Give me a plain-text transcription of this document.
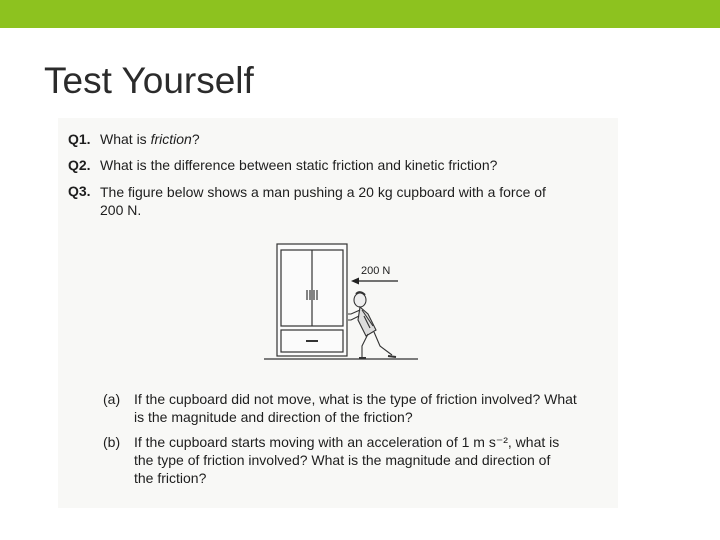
Test Yourself
Q1. What is friction?
Q2. What is the difference between static friction and kinetic friction?
Q3. The figure below shows a man pushing a 20 kg cupboard with a force of
200 N.
200 N
(a) If the cupboard did not move, what is the type of friction involved? What
is the magnitude and direction of the friction?
(b) If the cupboard starts moving with an acceleration of 1 m s⁻², what is
the type of friction involved? What is the magnitude and direction of
the friction?
